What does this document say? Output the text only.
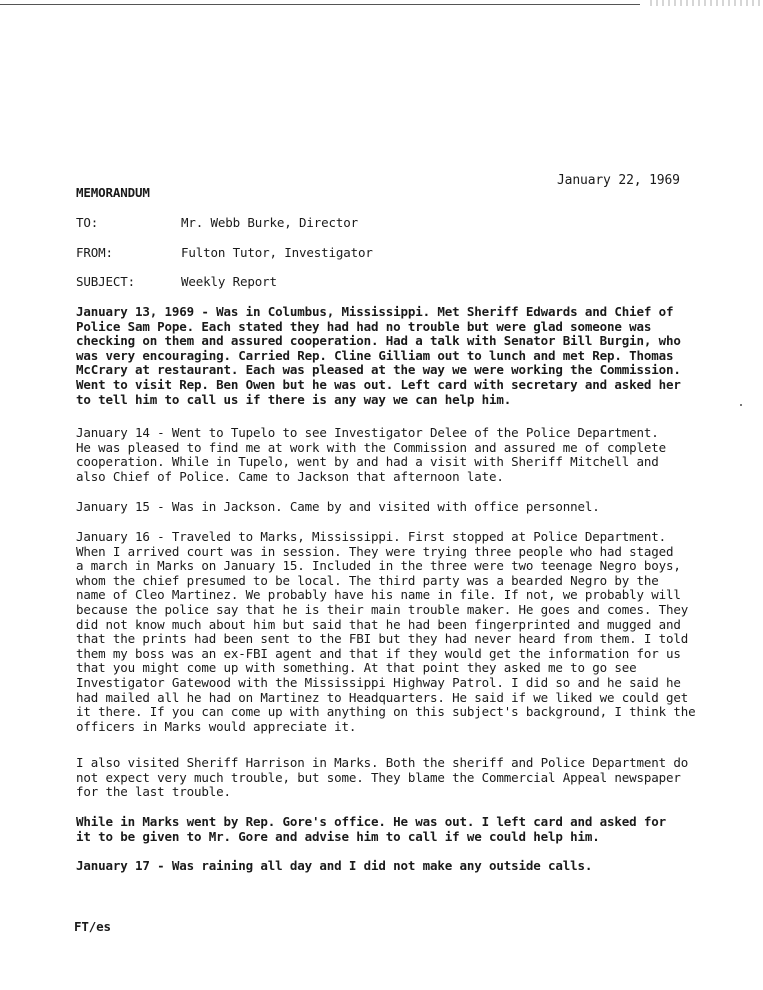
January 22, 1969
MEMORANDUM
TO:	Mr. Webb Burke, Director
FROM:	Fulton Tutor, Investigator
SUBJECT:	Weekly Report
January 13, 1969 - Was in Columbus, Mississippi. Met Sheriff Edwards and Chief of
Police Sam Pope. Each stated they had had no trouble but were glad someone was
checking on them and assured cooperation. Had a talk with Senator Bill Burgin, who
was very encouraging. Carried Rep. Cline Gilliam out to lunch and met Rep. Thomas
McCrary at restaurant. Each was pleased at the way we were working the Commission.
Went to visit Rep. Ben Owen but he was out. Left card with secretary and asked her
to tell him to call us if there is any way we can help him.
January 14 - Went to Tupelo to see Investigator Delee of the Police Department.
He was pleased to find me at work with the Commission and assured me of complete
cooperation. While in Tupelo, went by and had a visit with Sheriff Mitchell and
also Chief of Police. Came to Jackson that afternoon late.
January 15 - Was in Jackson. Came by and visited with office personnel.
January 16 - Traveled to Marks, Mississippi. First stopped at Police Department.
When I arrived court was in session. They were trying three people who had staged
a march in Marks on January 15. Included in the three were two teenage Negro boys,
whom the chief presumed to be local. The third party was a bearded Negro by the
name of Cleo Martinez. We probably have his name in file. If not, we probably will
because the police say that he is their main trouble maker. He goes and comes. They
did not know much about him but said that he had been fingerprinted and mugged and
that the prints had been sent to the FBI but they had never heard from them. I told
them my boss was an ex-FBI agent and that if they would get the information for us
that you might come up with something. At that point they asked me to go see
Investigator Gatewood with the Mississippi Highway Patrol. I did so and he said he
had mailed all he had on Martinez to Headquarters. He said if we liked we could get
it there. If you can come up with anything on this subject's background, I think the
officers in Marks would appreciate it.
I also visited Sheriff Harrison in Marks. Both the sheriff and Police Department do
not expect very much trouble, but some. They blame the Commercial Appeal newspaper
for the last trouble.
While in Marks went by Rep. Gore's office. He was out. I left card and asked for
it to be given to Mr. Gore and advise him to call if we could help him.
January 17 - Was raining all day and I did not make any outside calls.
FT/es
